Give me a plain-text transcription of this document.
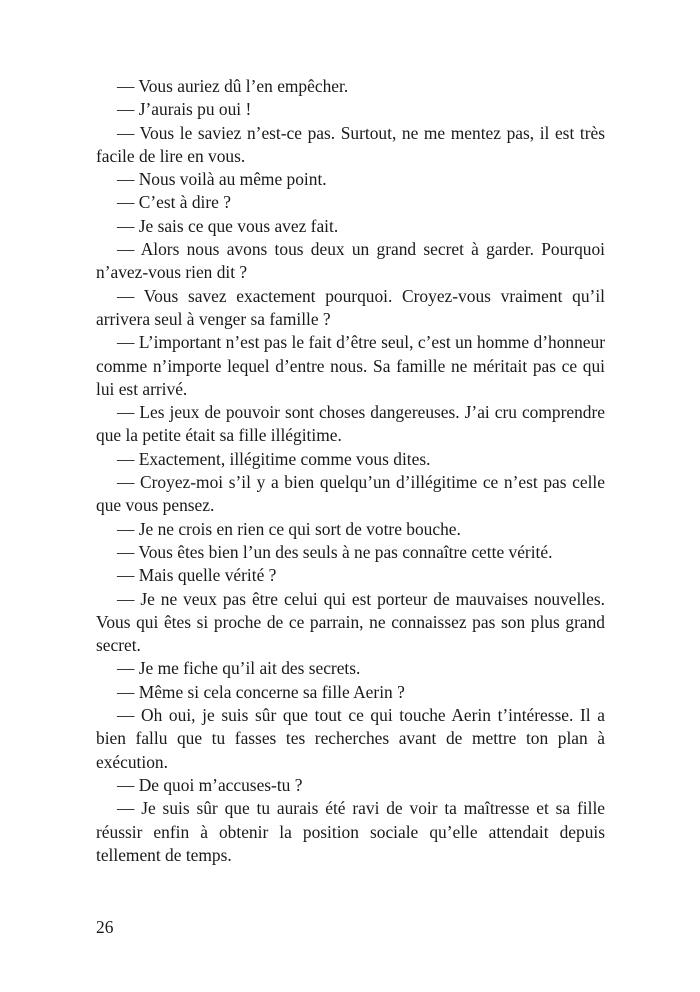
— Vous auriez dû l’en empêcher.

— J’aurais pu oui !

— Vous le saviez n’est-ce pas. Surtout, ne me mentez pas, il est très facile de lire en vous.

— Nous voilà au même point.

— C’est à dire ?

— Je sais ce que vous avez fait.

— Alors nous avons tous deux un grand secret à garder. Pourquoi n’avez-vous rien dit ?

— Vous savez exactement pourquoi. Croyez-vous vraiment qu’il arrivera seul à venger sa famille ?

— L’important n’est pas le fait d’être seul, c’est un homme d’honneur comme n’importe lequel d’entre nous. Sa famille ne méritait pas ce qui lui est arrivé.

— Les jeux de pouvoir sont choses dangereuses. J’ai cru comprendre que la petite était sa fille illégitime.

— Exactement, illégitime comme vous dites.

— Croyez-moi s’il y a bien quelqu’un d’illégitime ce n’est pas celle que vous pensez.

— Je ne crois en rien ce qui sort de votre bouche.

— Vous êtes bien l’un des seuls à ne pas connaître cette vérité.

— Mais quelle vérité ?

— Je ne veux pas être celui qui est porteur de mauvaises nouvelles. Vous qui êtes si proche de ce parrain, ne connaissez pas son plus grand secret.

— Je me fiche qu’il ait des secrets.

— Même si cela concerne sa fille Aerin ?

— Oh oui, je suis sûr que tout ce qui touche Aerin t’intéresse. Il a bien fallu que tu fasses tes recherches avant de mettre ton plan à exécution.

— De quoi m’accuses-tu ?

— Je suis sûr que tu aurais été ravi de voir ta maîtresse et sa fille réussir enfin à obtenir la position sociale qu’elle attendait depuis tellement de temps.

26
